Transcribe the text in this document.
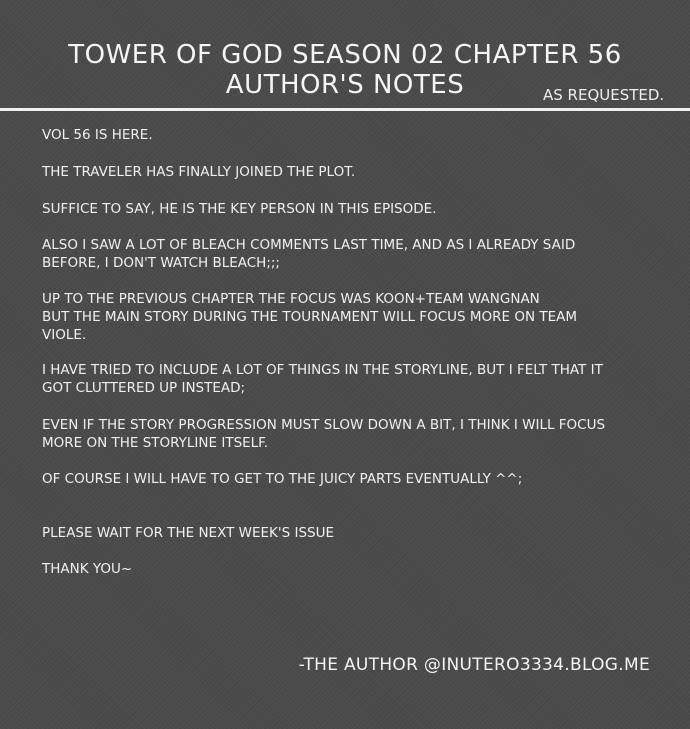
TOWER OF GOD SEASON 02 CHAPTER 56
AUTHOR'S NOTES	AS REQUESTED.
VOL 56 IS HERE.
THE TRAVELER HAS FINALLY JOINED THE PLOT.
SUFFICE TO SAY, HE IS THE KEY PERSON IN THIS EPISODE.
ALSO I SAW A LOT OF BLEACH COMMENTS LAST TIME, AND AS I ALREADY SAID
BEFORE, I DON'T WATCH BLEACH;;;
UP TO THE PREVIOUS CHAPTER THE FOCUS WAS KOON+TEAM WANGNAN
BUT THE MAIN STORY DURING THE TOURNAMENT WILL FOCUS MORE ON TEAM
VIOLE.
I HAVE TRIED TO INCLUDE A LOT OF THINGS IN THE STORYLINE, BUT I FELT THAT IT
GOT CLUTTERED UP INSTEAD;
EVEN IF THE STORY PROGRESSION MUST SLOW DOWN A BIT, I THINK I WILL FOCUS
MORE ON THE STORYLINE ITSELF.
OF COURSE I WILL HAVE TO GET TO THE JUICY PARTS EVENTUALLY ^^;
PLEASE WAIT FOR THE NEXT WEEK'S ISSUE
THANK YOU~
-THE AUTHOR @INUTERO3334.BLOG.ME
